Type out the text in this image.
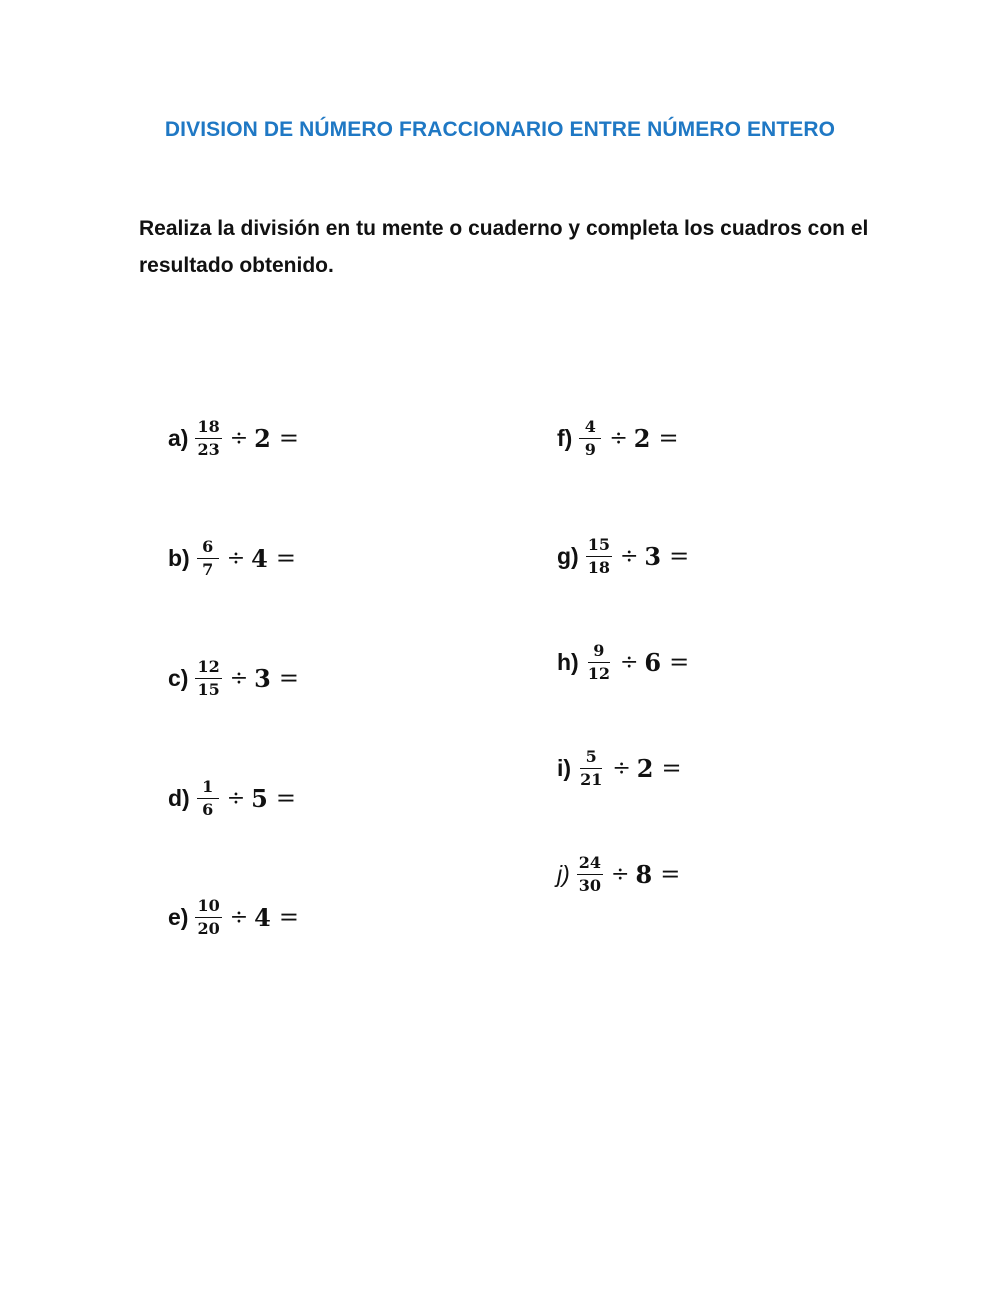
DIVISION DE NÚMERO FRACCIONARIO ENTRE NÚMERO ENTERO
Realiza la división en tu mente o cuaderno y completa los cuadros con el resultado obtenido.
$a) \frac{18}{23} \div 2$ =
$b) \frac{6}{7} \div 4$ =
$c) \frac{12}{15} \div 3$ =
$d) \frac{1}{6} \div 5$ =
$e) \frac{10}{20} \div 4$ =
$f) \frac{4}{9} \div 2$ =
$g) \frac{15}{18} \div 3$ =
$h) \frac{9}{12} \div 6$ =
$i) \frac{5}{21} \div 2$ =
$j) \frac{24}{30} \div 8$ =
